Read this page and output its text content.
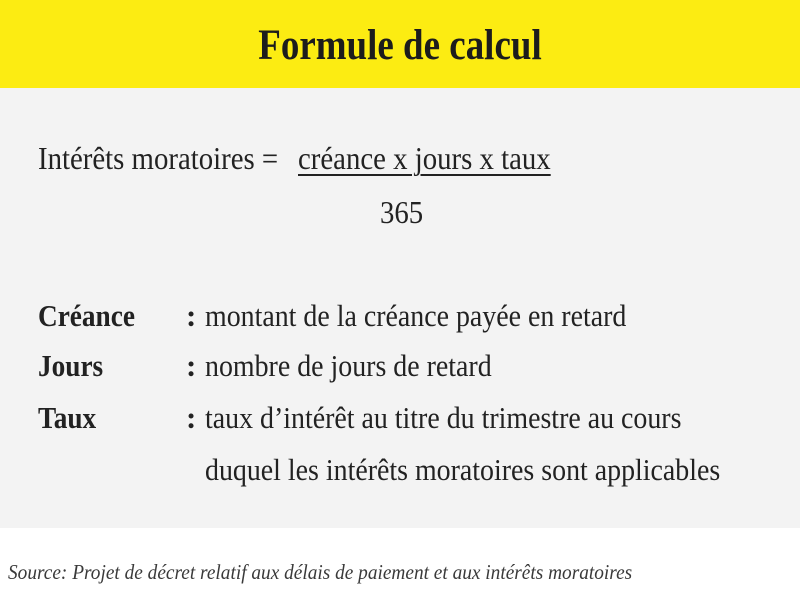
Formule de calcul
Intérêts moratoires = créance x jours x taux
365
Créance : montant de la créance payée en retard
Jours	: nombre de jours de retard
Taux	: taux d’intérêt au titre du trimestre au cours
duquel les intérêts moratoires sont applicables
Source: Projet de décret relatif aux délais de paiement et aux intérêts moratoires
